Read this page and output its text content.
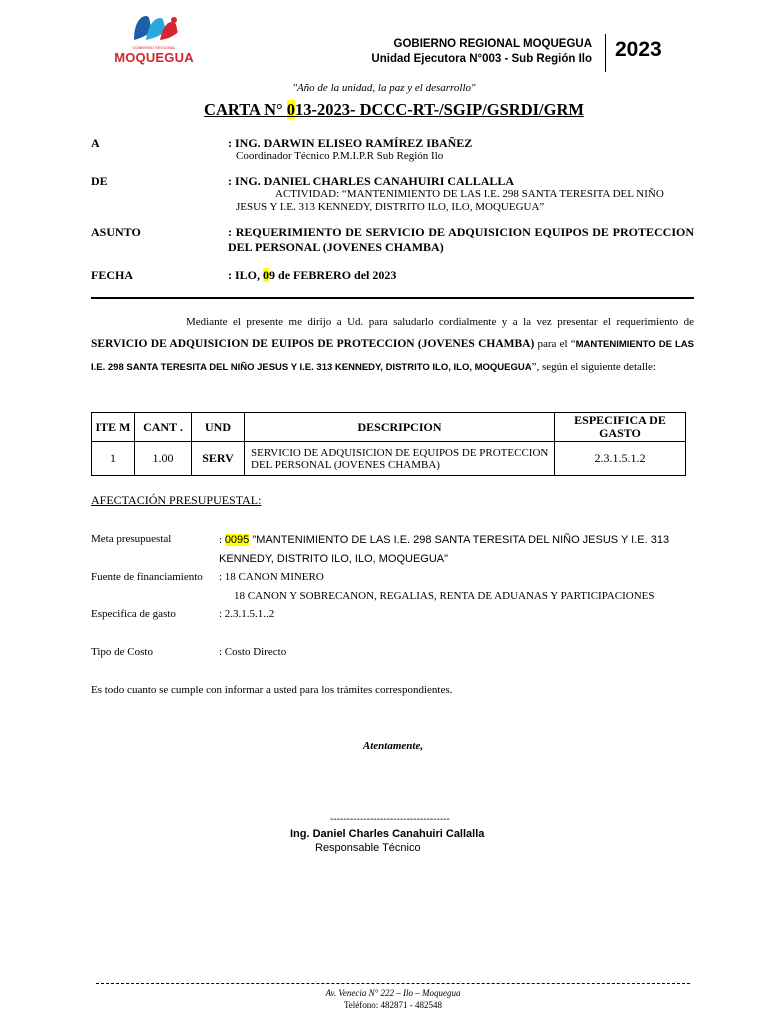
GOBIERNO REGIONAL
MOQUEGUA
GOBIERNO REGIONAL MOQUEGUA
Unidad Ejecutora N°003 - Sub Región Ilo 2023
"Año de la unidad, la paz y el desarrollo"
CARTA N° 013-2023- DCCC-RT-/SGIP/GSRDI/GRM
A	: ING. DARWIN ELISEO RAMÍREZ IBAÑEZ
Coordinador Técnico P.M.I.P.R Sub Región Ilo
DE	: ING. DANIEL CHARLES CANAHUIRI CALLALLA
ACTIVIDAD: “MANTENIMIENTO DE LAS I.E. 298 SANTA TERESITA DEL NIÑO
JESUS Y I.E. 313 KENNEDY, DISTRITO ILO, ILO, MOQUEGUA”
ASUNTO	: REQUERIMIENTO DE SERVICIO DE ADQUISICION EQUIPOS DE PROTECCION DEL PERSONAL (JOVENES CHAMBA)
FECHA	: ILO, 09 de FEBRERO del 2023
Mediante el presente me dirijo a Ud. para saludarlo cordialmente y a la vez presentar el requerimiento de SERVICIO DE ADQUISICION DE EUIPOS DE PROTECCION (JOVENES CHAMBA) para el “MANTENIMIENTO DE LAS I.E. 298 SANTA TERESITA DEL NIÑO JESUS Y I.E. 313 KENNEDY, DISTRITO ILO, ILO, MOQUEGUA”, según el siguiente detalle:
ITE M	CANT .	UND	DESCRIPCION	ESPECIFICA DE GASTO
1	1.00	SERV	SERVICIO DE ADQUISICION DE EQUIPOS DE PROTECCION DEL PERSONAL (JOVENES CHAMBA)	2.3.1.5.1.2
AFECTACIÓN PRESUPUESTAL:
Meta presupuestal	: 0095 "MANTENIMIENTO DE LAS I.E. 298 SANTA TERESITA DEL NIÑO JESUS Y I.E. 313 KENNEDY, DISTRITO ILO, ILO, MOQUEGUA"
Fuente de financiamiento : 18 CANON MINERO
18 CANON Y SOBRECANON, REGALIAS, RENTA DE ADUANAS Y PARTICIPACIONES
Especifica de gasto	: 2.3.1.5.1..2
Tipo de Costo	: Costo Directo
Es todo cuanto se cumple con informar a usted para los trámites correspondientes.
Atentamente,
------------------------------------
Ing. Daniel Charles Canahuiri Callalla
Responsable Técnico
Av. Venecia N° 222 – Ilo – Moquegua
Teléfono: 482871 - 482548
